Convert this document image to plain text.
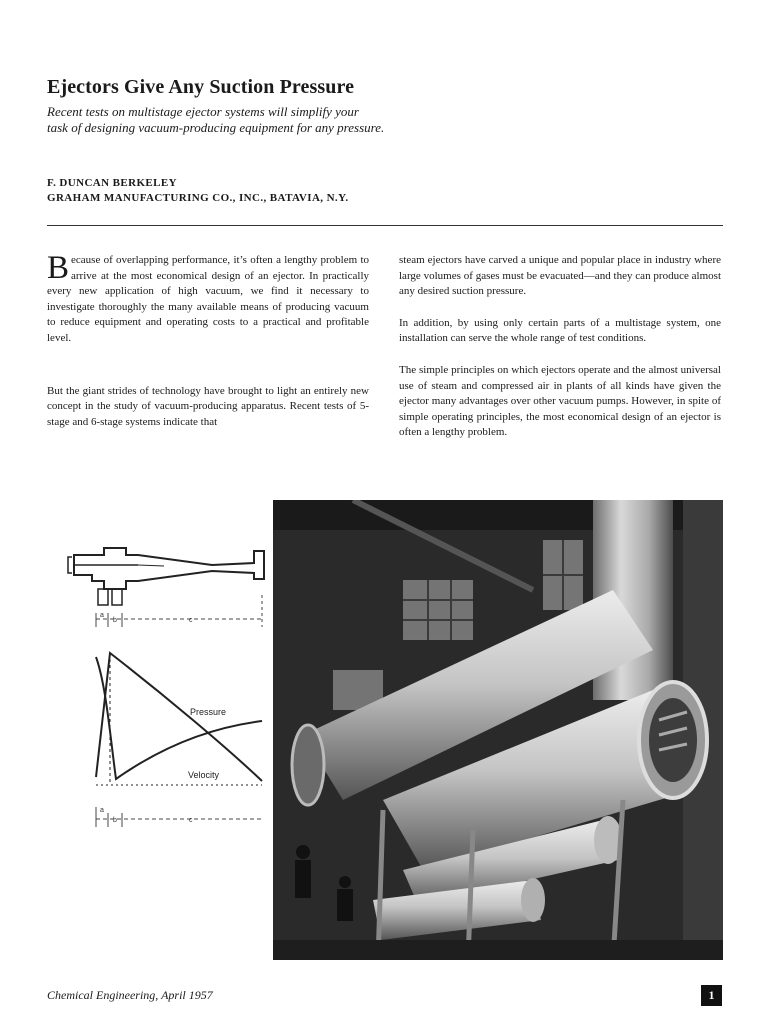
Ejectors Give Any Suction Pressure
Recent tests on multistage ejector systems will simplify your
task of designing vacuum-producing equipment for any pressure.
F. DUNCAN BERKELEY
GRAHAM MANUFACTURING CO., INC., BATAVIA, N.Y.

Because of overlapping performance, it’s often a lengthy problem to arrive at the most economical design of an ejector. In practically every new application of high vacuum, we find it necessary to investigate thoroughly the many available means of producing vacuum to reduce equipment and operating costs to a practical and profitable level.

But the giant strides of technology have brought to light an entirely new concept in the study of vacuum-producing apparatus. Recent tests of 5-stage and 6-stage systems indicate that

steam ejectors have carved a unique and popular place in industry where large volumes of gases must be evacuated—and they can produce almost any desired suction pressure.

In addition, by using only certain parts of a multistage system, one installation can serve the whole range of test conditions.

The simple principles on which ejectors operate and the almost universal use of steam and compressed air in plants of all kinds have given the ejector many advantages over other vacuum pumps. However, in spite of simple operating principles, the most economical design of an ejector is often a lengthy problem.

a
b	c
Pressure
Velocity
a
b	c
Chemical Engineering, April 1957	1
